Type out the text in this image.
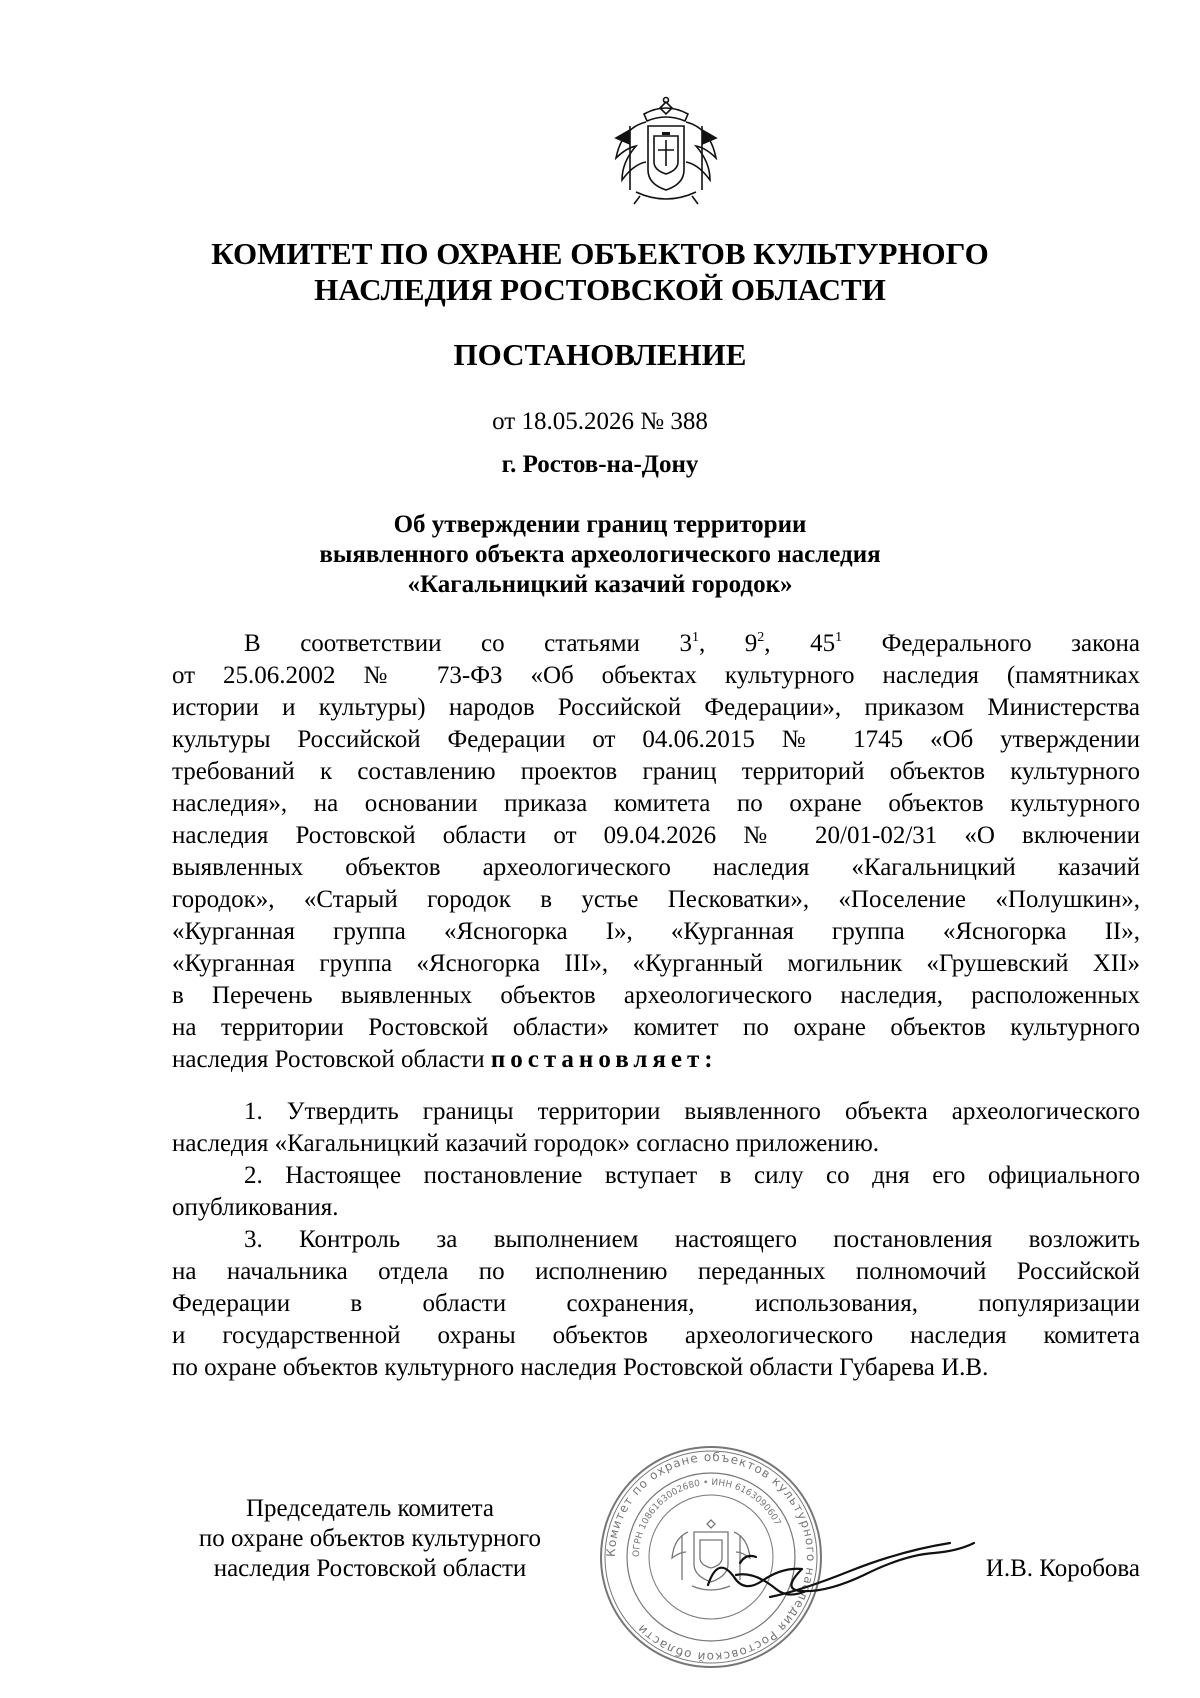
КОМИТЕТ ПО ОХРАНЕ ОБЪЕКТОВ КУЛЬТУРНОГО
НАСЛЕДИЯ РОСТОВСКОЙ ОБЛАСТИ
ПОСТАНОВЛЕНИЕ
от 18.05.2026 № 388
г. Ростов-на-Дону
Об утверждении границ территории
выявленного объекта археологического наследия
«Кагальницкий казачий городок»
В соответствии со статьями $3^1$, $9^2$, $45^1$ Федерального закона
от 25.06.2002 № 73-ФЗ «Об объектах культурного наследия (памятниках
истории и культуры) народов Российской Федерации», приказом Министерства
культуры Российской Федерации от 04.06.2015 № 1745 «Об утверждении
требований к составлению проектов границ территорий объектов культурного
наследия», на основании приказа комитета по охране объектов культурного
наследия Ростовской области от 09.04.2026 № 20/01-02/31 «О включении
выявленных объектов археологического наследия «Кагальницкий казачий
городок», «Старый городок в устье Песковатки», «Поселение «Полушкин»,
«Курганная группа «Ясногорка I», «Курганная группа «Ясногорка II»,
«Курганная группа «Ясногорка III», «Курганный могильник «Грушевский XII»
в Перечень выявленных объектов археологического наследия, расположенных
на территории Ростовской области» комитет по охране объектов культурного
наследия Ростовской области постановляет:
1. Утвердить границы территории выявленного объекта археологического
наследия «Кагальницкий казачий городок» согласно приложению.
2. Настоящее постановление вступает в силу со дня его официального
опубликования.
3. Контроль за выполнением настоящего постановления возложить
на начальника отдела по исполнению переданных полномочий Российской
Федерации в области сохранения, использования, популяризации
и государственной охраны объектов археологического наследия комитета
по охране объектов культурного наследия Ростовской области Губарева И.В.
Комитет по охране объектов культурного наследия Ростовской области
ОГРН 1086163002680 • ИНН 6163090607
Председатель комитета
по охране объектов культурного
наследия Ростовской области	И.В. Коробова
